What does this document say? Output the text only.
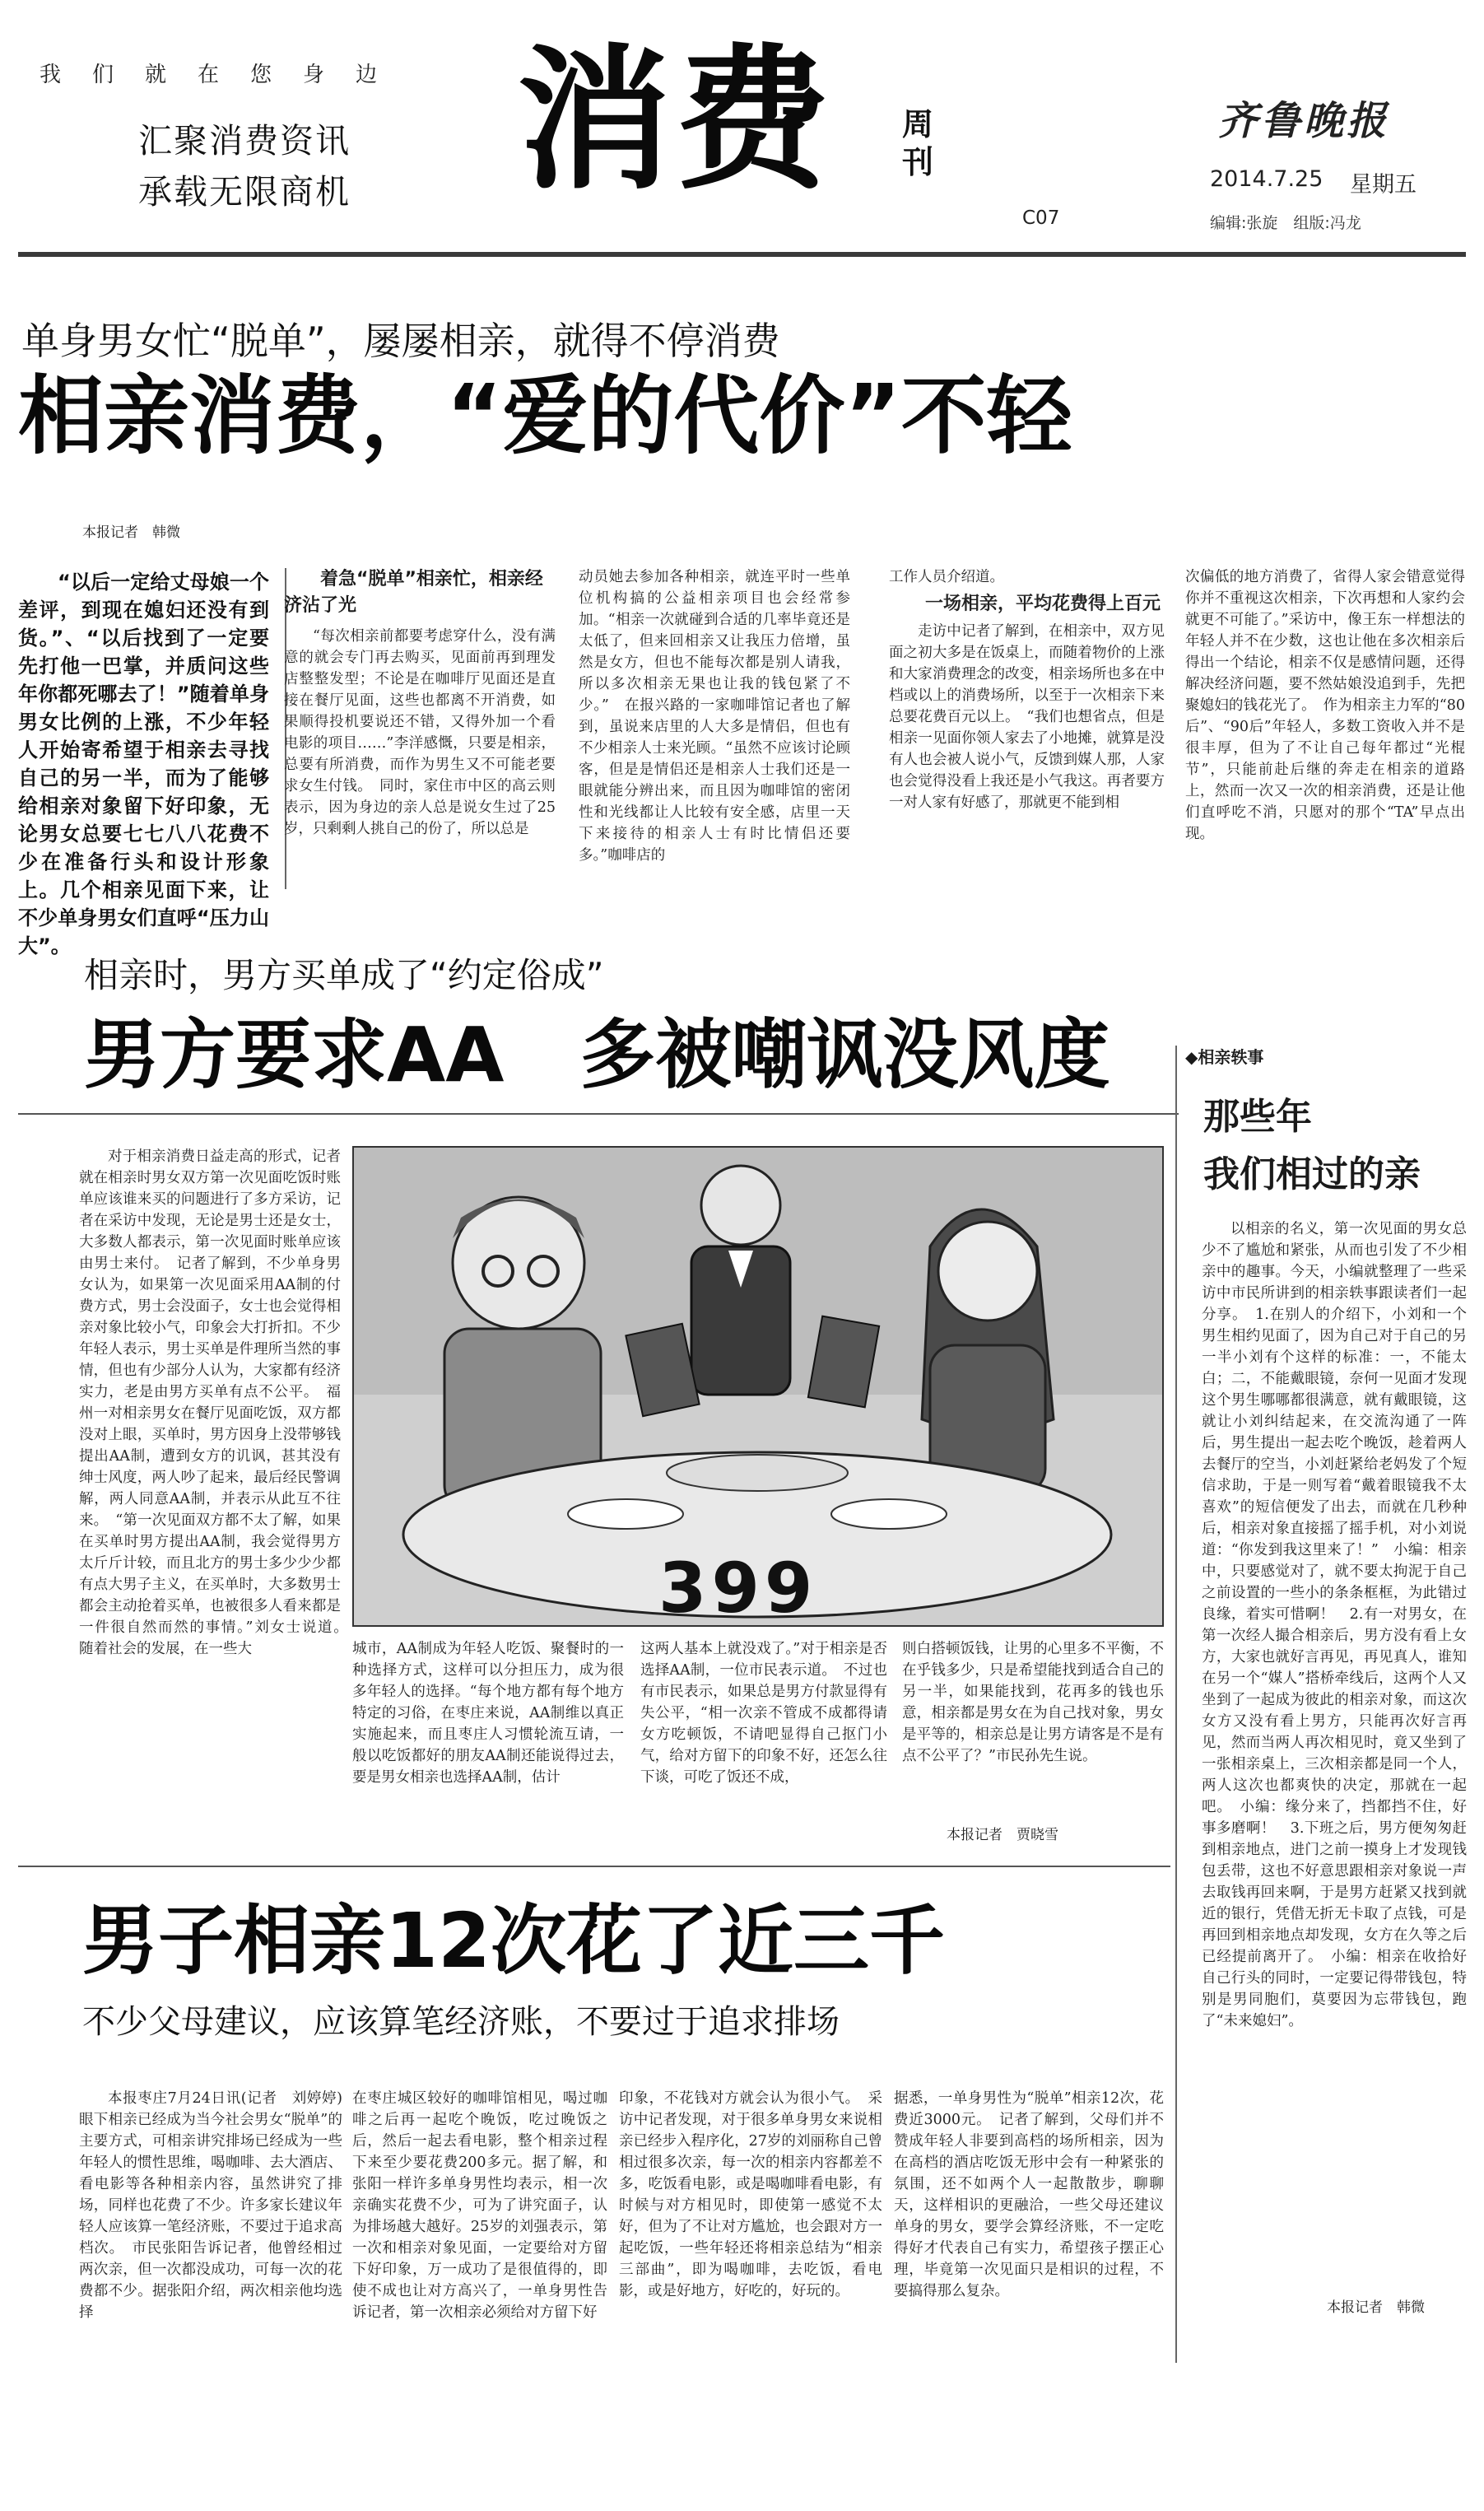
我们就在您身边
汇聚消费资讯
承载无限商机 消费 周刊
C07
齐鲁晚报
2014.7.25 星期五
编辑:张旋　组版:冯龙
单身男女忙“脱单”，屡屡相亲，就得不停消费
相亲消费，“爱的代价”不轻
本报记者　韩微

“以后一定给丈母娘一个差评，到现在媳妇还没有到货。”、“以后找到了一定要先打他一巴掌，并质问这些年你都死哪去了！”随着单身男女比例的上涨，不少年轻人开始寄希望于相亲去寻找自己的另一半，而为了能够给相亲对象留下好印象，无论男女总要七七八八花费不少在准备行头和设计形象上。几个相亲见面下来，让不少单身男女们直呼“压力山大”。

着急“脱单”相亲忙，相亲经济沾了光

“每次相亲前都要考虑穿什么，没有满意的就会专门再去购买，见面前再到理发店整整发型；不论是在咖啡厅见面还是直接在餐厅见面，这些也都离不开消费，如果顺得投机要说还不错，又得外加一个看电影的项目……”李洋感慨，只要是相亲，总要有所消费，而作为男生又不可能老要求女生付钱。　同时，家住市中区的高云则表示，因为身边的亲人总是说女生过了25岁，只剩剩人挑自己的份了，所以总是

动员她去参加各种相亲，就连平时一些单位机构搞的公益相亲项目也会经常参加。“相亲一次就碰到合适的几率毕竟还是太低了，但来回相亲又让我压力倍增，虽然是女方，但也不能每次都是别人请我，所以多次相亲无果也让我的钱包紧了不少。”　在报兴路的一家咖啡馆记者也了解到，虽说来店里的人大多是情侣，但也有不少相亲人士来光顾。“虽然不应该讨论顾客，但是是情侣还是相亲人士我们还是一眼就能分辨出来，而且因为咖啡馆的密闭性和光线都让人比较有安全感，店里一天下来接待的相亲人士有时比情侣还要多。”咖啡店的

工作人员介绍道。

一场相亲，平均花费得上百元

走访中记者了解到，在相亲中，双方见面之初大多是在饭桌上，而随着物价的上涨和大家消费理念的改变，相亲场所也多在中档或以上的消费场所，以至于一次相亲下来总要花费百元以上。　“我们也想省点，但是相亲一见面你领人家去了小地摊，就算是没有人也会被人说小气，反馈到媒人那，人家也会觉得没看上我还是小气我这。再者要方一对人家有好感了，那就更不能到相

次偏低的地方消费了，省得人家会错意觉得你并不重视这次相亲，下次再想和人家约会就更不可能了。”采访中，像王东一样想法的年轻人并不在少数，这也让他在多次相亲后得出一个结论，相亲不仅是感情问题，还得解决经济问题，要不然姑娘没追到手，先把聚媳妇的钱花光了。　作为相亲主力军的“80后”、“90后”年轻人，多数工资收入并不是很丰厚，但为了不让自己每年都过“光棍节”，只能前赴后继的奔走在相亲的道路上，然而一次又一次的相亲消费，还是让他们直呼吃不消，只愿对的那个“TA”早点出现。

相亲时，男方买单成了“约定俗成”
男方要求AA　多被嘲讽没风度

对于相亲消费日益走高的形式，记者就在相亲时男女双方第一次见面吃饭时账单应该谁来买的问题进行了多方采访，记者在采访中发现，无论是男士还是女士，大多数人都表示，第一次见面时账单应该由男士来付。　记者了解到，不少单身男女认为，如果第一次见面采用AA制的付费方式，男士会没面子，女士也会觉得相亲对象比较小气，印象会大打折扣。不少年轻人表示，男士买单是件理所当然的事情，但也有少部分人认为，大家都有经济实力，老是由男方买单有点不公平。　福州一对相亲男女在餐厅见面吃饭，双方都没对上眼，买单时，男方因身上没带够钱提出AA制，遭到女方的讥讽，甚其没有绅士风度，两人吵了起来，最后经民警调解，两人同意AA制，并表示从此互不往来。　“第一次见面双方都不太了解，如果在买单时男方提出AA制，我会觉得男方太斤斤计较，而且北方的男士多少少少都有点大男子主义，在买单时，大多数男士都会主动抢着买单，也被很多人看来都是一件很自然而然的事情。”刘女士说道。　随着社会的发展，在一些大

399

城市，AA制成为年轻人吃饭、聚餐时的一种选择方式，这样可以分担压力，成为很多年轻人的选择。“每个地方都有每个地方特定的习俗，在枣庄来说，AA制维以真正实施起来，而且枣庄人习惯轮流互请，一般以吃饭都好的朋友AA制还能说得过去，要是男女相亲也选择AA制，估计

这两人基本上就没戏了。”对于相亲是否选择AA制，一位市民表示道。　不过也有市民表示，如果总是男方付款显得有失公平，“相一次亲不管成不成都得请女方吃顿饭，不请吧显得自己抠门小气，给对方留下的印象不好，还怎么往下谈，可吃了饭还不成，

则白搭顿饭钱，让男的心里多不平衡，不在乎钱多少，只是希望能找到适合自己的另一半，如果能找到，花再多的钱也乐意，相亲都是男女在为自己找对象，男女是平等的，相亲总是让男方请客是不是有点不公平了？”市民孙先生说。

本报记者　贾晓雪
◆相亲轶事
那些年
我们相过的亲

以相亲的名义，第一次见面的男女总少不了尴尬和紧张，从而也引发了不少相亲中的趣事。今天，小编就整理了一些采访中市民所讲到的相亲轶事跟读者们一起分享。　1.在别人的介绍下，小刘和一个男生相约见面了，因为自己对于自己的另一半小刘有个这样的标准：一，不能太白；二，不能戴眼镜，奈何一见面才发现这个男生哪哪都很满意，就有戴眼镜，这就让小刘纠结起来，在交流沟通了一阵后，男生提出一起去吃个晚饭，趁着两人去餐厅的空当，小刘赶紧给老妈发了个短信求助，于是一则写着“戴着眼镜我不太喜欢”的短信便发了出去，而就在几秒种后，相亲对象直接摇了摇手机，对小刘说道：“你发到我这里来了！”　小编：相亲中，只要感觉对了，就不要太拘泥于自己之前设置的一些小的条条框框，为此错过良缘，着实可惜啊！　2.有一对男女，在第一次经人撮合相亲后，男方没有看上女方，大家也就好言再见，再见真人，谁知在另一个“媒人”搭桥牵线后，这两个人又坐到了一起成为彼此的相亲对象，而这次女方又没有看上男方，只能再次好言再见，然而当两人再次相见时，竟又坐到了一张相亲桌上，三次相亲都是同一个人，两人这次也都爽快的决定，那就在一起吧。　小编：缘分来了，挡都挡不住，好事多磨啊！　3.下班之后，男方便匆匆赶到相亲地点，进门之前一摸身上才发现钱包丢带，这也不好意思跟相亲对象说一声去取钱再回来啊，于是男方赶紧又找到就近的银行，凭借无折无卡取了点钱，可是再回到相亲地点却发现，女方在久等之后已经提前离开了。　小编：相亲在收拾好自己行头的同时，一定要记得带钱包，特别是男同胞们，莫要因为忘带钱包，跑了“未来媳妇”。

本报记者　韩微
男子相亲12次花了近三千
不少父母建议，应该算笔经济账，不要过于追求排场

本报枣庄7月24日讯(记者　刘婷婷)　眼下相亲已经成为当今社会男女“脱单”的主要方式，可相亲讲究排场已经成为一些年轻人的惯性思维，喝咖啡、去大酒店、看电影等各种相亲内容，虽然讲究了排场，同样也花费了不少。许多家长建议年轻人应该算一笔经济账，不要过于追求高档次。　市民张阳告诉记者，他曾经相过两次亲，但一次都没成功，可每一次的花费都不少。据张阳介绍，两次相亲他均选择

在枣庄城区较好的咖啡馆相见，喝过咖啡之后再一起吃个晚饭，吃过晚饭之后，然后一起去看电影，整个相亲过程下来至少要花费200多元。据了解，和张阳一样许多单身男性均表示，相一次亲确实花费不少，可为了讲究面子，认为排场越大越好。25岁的刘强表示，第一次和相亲对象见面，一定要给对方留下好印象，万一成功了是很值得的，即使不成也让对方高兴了，一单身男性告诉记者，第一次相亲必须给对方留下好

印象，不花钱对方就会认为很小气。　采访中记者发现，对于很多单身男女来说相亲已经步入程序化，27岁的刘丽称自己曾相过很多次亲，每一次的相亲内容都差不多，吃饭看电影，或是喝咖啡看电影，有时候与对方相见时，即使第一感觉不太好，但为了不让对方尴尬，也会跟对方一起吃饭，一些年轻还将相亲总结为“相亲三部曲”，即为喝咖啡，去吃饭，看电影，或是好地方，好吃的，好玩的。

据悉，一单身男性为“脱单”相亲12次，花费近3000元。　记者了解到，父母们并不赞成年轻人非要到高档的场所相亲，因为在高档的酒店吃饭无形中会有一种紧张的氛围，还不如两个人一起散散步，聊聊天，这样相识的更融洽，一些父母还建议单身的男女，要学会算经济账，不一定吃得好才代表自己有实力，希望孩子摆正心理，毕竟第一次见面只是相识的过程，不要搞得那么复杂。
